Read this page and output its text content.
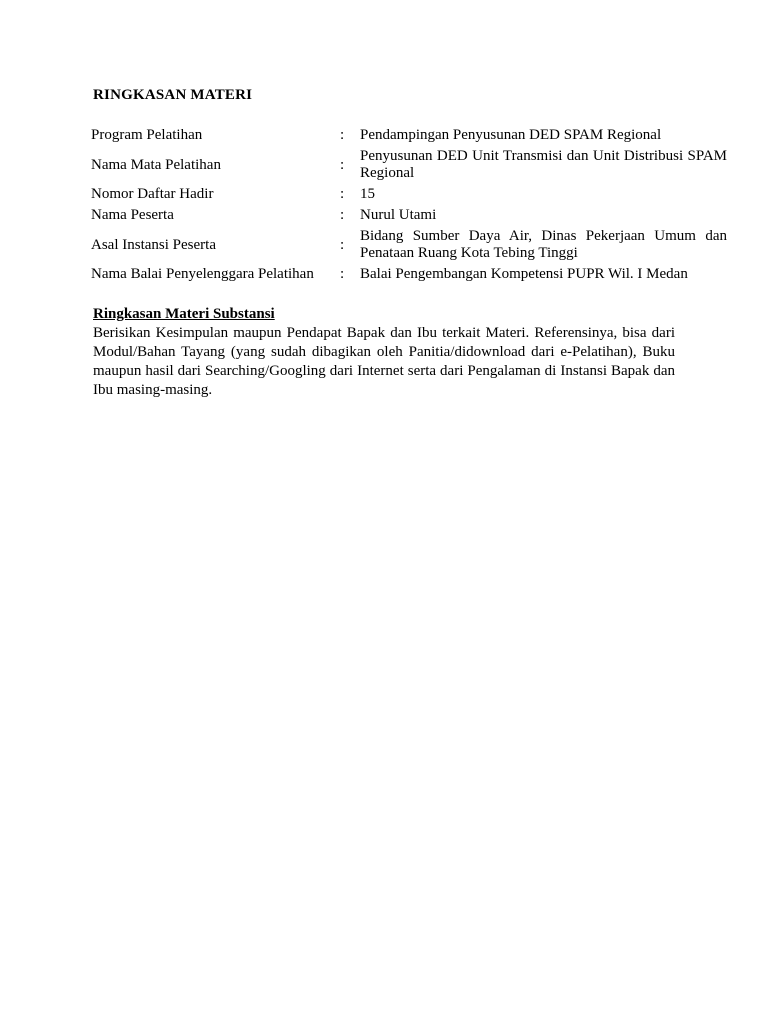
RINGKASAN MATERI
Program Pelatihan	:	Pendampingan Penyusunan DED SPAM Regional
Nama Mata Pelatihan	:	Penyusunan DED Unit Transmisi dan Unit Distribusi SPAM Regional
Nomor Daftar Hadir	:	15
Nama Peserta	:	Nurul Utami
Asal Instansi Peserta	:	Bidang Sumber Daya Air, Dinas Pekerjaan Umum dan Penataan Ruang Kota Tebing Tinggi
Nama Balai Penyelenggara Pelatihan	:	Balai Pengembangan Kompetensi PUPR Wil. I Medan
Ringkasan Materi Substansi

Berisikan Kesimpulan maupun Pendapat Bapak dan Ibu terkait Materi. Referensinya, bisa dari Modul/Bahan Tayang (yang sudah dibagikan oleh Panitia/didownload dari e-Pelatihan), Buku maupun hasil dari Searching/Googling dari Internet serta dari Pengalaman di Instansi Bapak dan Ibu masing-masing.
